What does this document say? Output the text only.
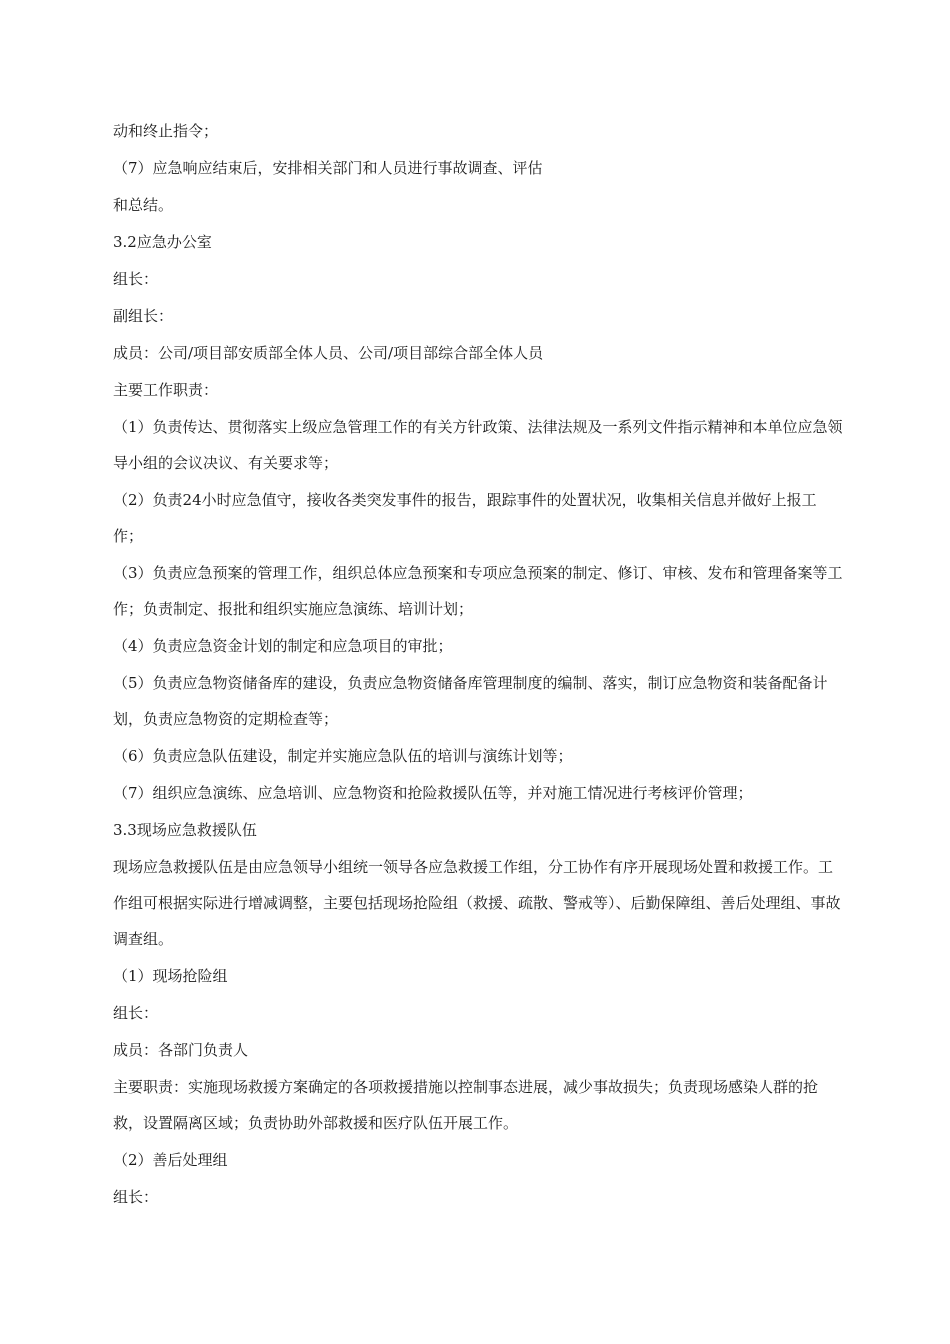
动和终止指令；

（7）应急响应结束后，安排相关部门和人员进行事故调查、评估

和总结。

3.2应急办公室

组长：

副组长：

成员：公司/项目部安质部全体人员、公司/项目部综合部全体人员

主要工作职责：

（1）负责传达、贯彻落实上级应急管理工作的有关方针政策、法律法规及一系列文件指示精神和本单位应急领导小组的会议决议、有关要求等；

（2）负责24小时应急值守，接收各类突发事件的报告，跟踪事件的处置状况，收集相关信息并做好上报工作；

（3）负责应急预案的管理工作，组织总体应急预案和专项应急预案的制定、修订、审核、发布和管理备案等工作；负责制定、报批和组织实施应急演练、培训计划；

（4）负责应急资金计划的制定和应急项目的审批；

（5）负责应急物资储备库的建设，负责应急物资储备库管理制度的编制、落实，制订应急物资和装备配备计划，负责应急物资的定期检查等；

（6）负责应急队伍建设，制定并实施应急队伍的培训与演练计划等；

（7）组织应急演练、应急培训、应急物资和抢险救援队伍等，并对施工情况进行考核评价管理；

3.3现场应急救援队伍

现场应急救援队伍是由应急领导小组统一领导各应急救援工作组，分工协作有序开展现场处置和救援工作。工作组可根据实际进行增减调整，主要包括现场抢险组（救援、疏散、警戒等）、后勤保障组、善后处理组、事故调查组。

（1）现场抢险组

组长：

成员：各部门负责人

主要职责：实施现场救援方案确定的各项救援措施以控制事态进展，减少事故损失；负责现场感染人群的抢救，设置隔离区域；负责协助外部救援和医疗队伍开展工作。

（2）善后处理组

组长：
